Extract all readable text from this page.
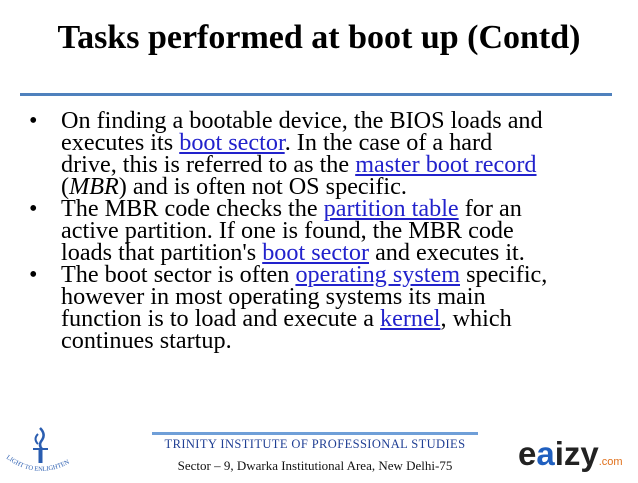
Tasks performed at boot up (Contd)
• On finding a bootable device, the BIOS loads and
executes its boot sector. In the case of a hard
drive, this is referred to as the master boot record
(MBR) and is often not OS specific.
• The MBR code checks the partition table for an
active partition. If one is found, the MBR code
loads that partition's boot sector and executes it.
• The boot sector is often operating system specific,
however in most operating systems its main
function is to load and execute a kernel, which
continues startup.
LIGHT TO ENLIGHTEN
TRINITY INSTITUTE OF PROFESSIONAL STUDIES
Sector – 9, Dwarka Institutional Area, New Delhi-75	eaizy.com
